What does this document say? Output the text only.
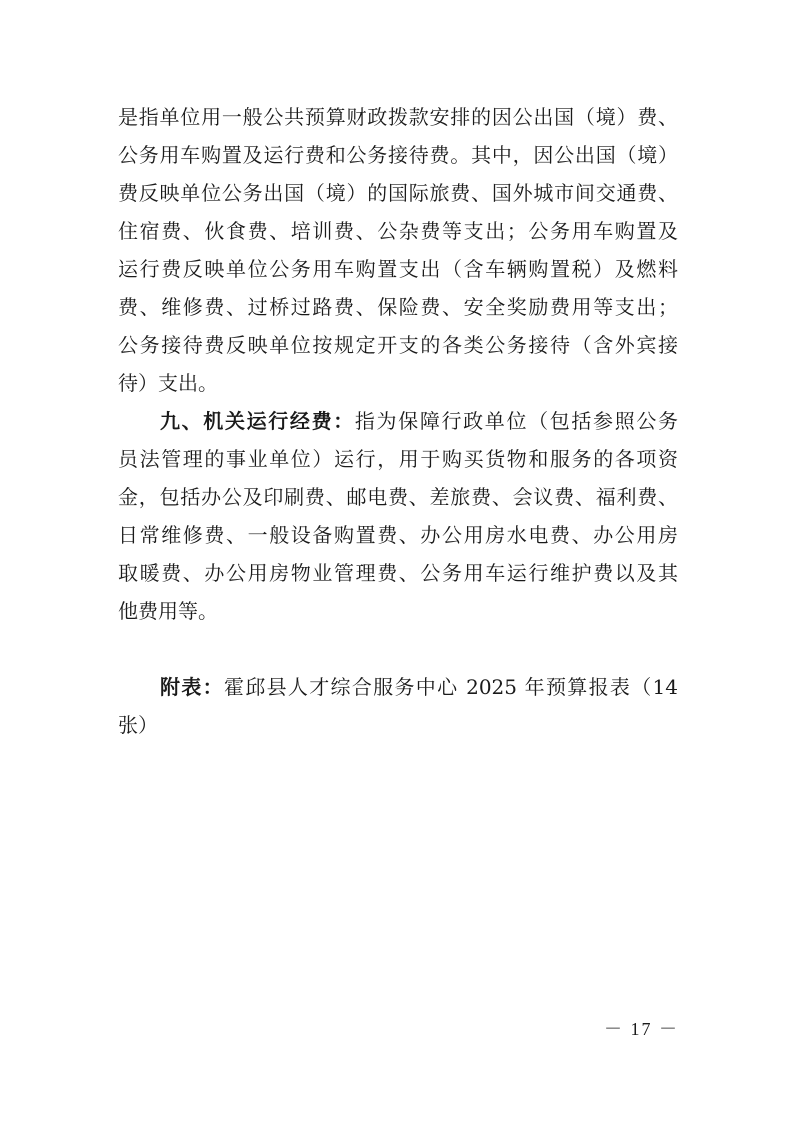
是指单位用一般公共预算财政拨款安排的因公出国（境）费、
公务用车购置及运行费和公务接待费。其中，因公出国（境）
费反映单位公务出国（境）的国际旅费、国外城市间交通费、
住宿费、伙食费、培训费、公杂费等支出；公务用车购置及
运行费反映单位公务用车购置支出（含车辆购置税）及燃料
费、维修费、过桥过路费、保险费、安全奖励费用等支出；
公务接待费反映单位按规定开支的各类公务接待（含外宾接
待）支出。
九、机关运行经费：指为保障行政单位（包括参照公务
员法管理的事业单位）运行，用于购买货物和服务的各项资
金，包括办公及印刷费、邮电费、差旅费、会议费、福利费、
日常维修费、一般设备购置费、办公用房水电费、办公用房
取暖费、办公用房物业管理费、公务用车运行维护费以及其
他费用等。
附表：霍邱县人才综合服务中心 2025 年预算报表（14
张）
－ 17 －
